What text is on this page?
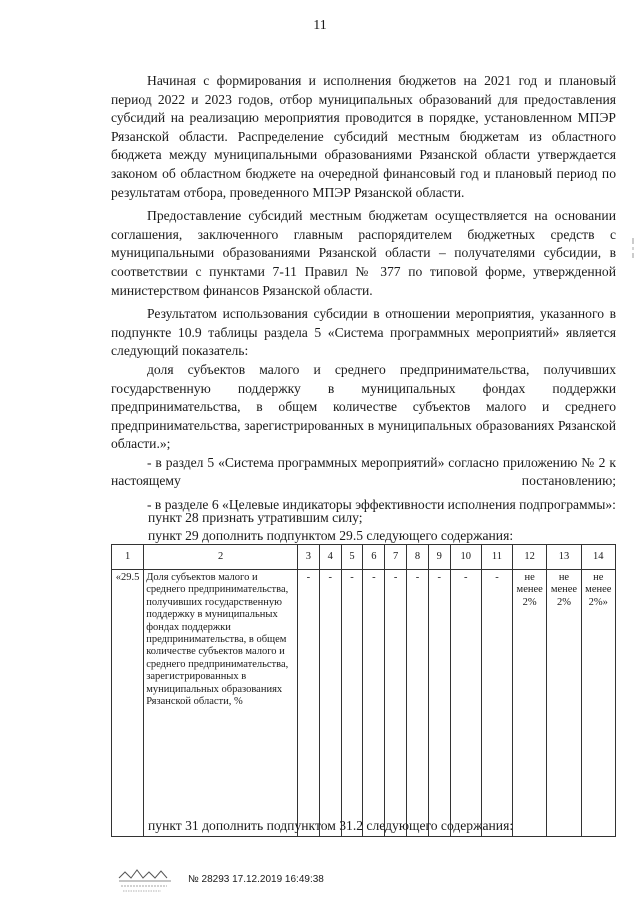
11

Начиная с формирования и исполнения бюджетов на 2021 год и плановый период 2022 и 2023 годов, отбор муниципальных образований для предоставления субсидий на реализацию мероприятия проводится в порядке, установленном МПЭР Рязанской области. Распределение субсидий местным бюджетам из областного бюджета между муниципальными образованиями Рязанской области утверждается законом об областном бюджете на очередной финансовый год и плановый период по результатам отбора, проведенного МПЭР Рязанской области.

Предоставление субсидий местным бюджетам осуществляется на основании соглашения, заключенного главным распорядителем бюджетных средств с муниципальными образованиями Рязанской области – получателями субсидии, в соответствии с пунктами 7-11 Правил № 377 по типовой форме, утвержденной министерством финансов Рязанской области.

Результатом использования субсидии в отношении мероприятия, указанного в подпункте 10.9 таблицы раздела 5 «Система программных мероприятий» является следующий показатель:

доля субъектов малого и среднего предпринимательства, получивших государственную поддержку в муниципальных фондах поддержки предпринимательства, в общем количестве субъектов малого и среднего предпринимательства, зарегистрированных в муниципальных образованиях Рязанской области.»;

- в раздел 5 «Система программных мероприятий» согласно приложению № 2 к настоящему постановлению;

- в разделе 6 «Целевые индикаторы эффективности исполнения подпрограммы»:

пункт 28 признать утратившим силу;
пункт 29 дополнить подпунктом 29.5 следующего содержания:
1	2	3	4	5	6	7	8	9	10	11	12	13	14
«29.5	Доля субъектов малого и среднего предпринимательства, получивших государственную поддержку в муниципальных фондах поддержки предпринимательства, в общем количестве субъектов малого и среднего предпринимательства, зарегистрированных в муниципальных образованиях Рязанской области, %	-	-	-	-	-	-	-	-	-	не менее 2%	не менее 2%	не менее 2%»
пункт 31 дополнить подпунктом 31.2 следующего содержания:
№ 28293 17.12.2019 16:49:38
